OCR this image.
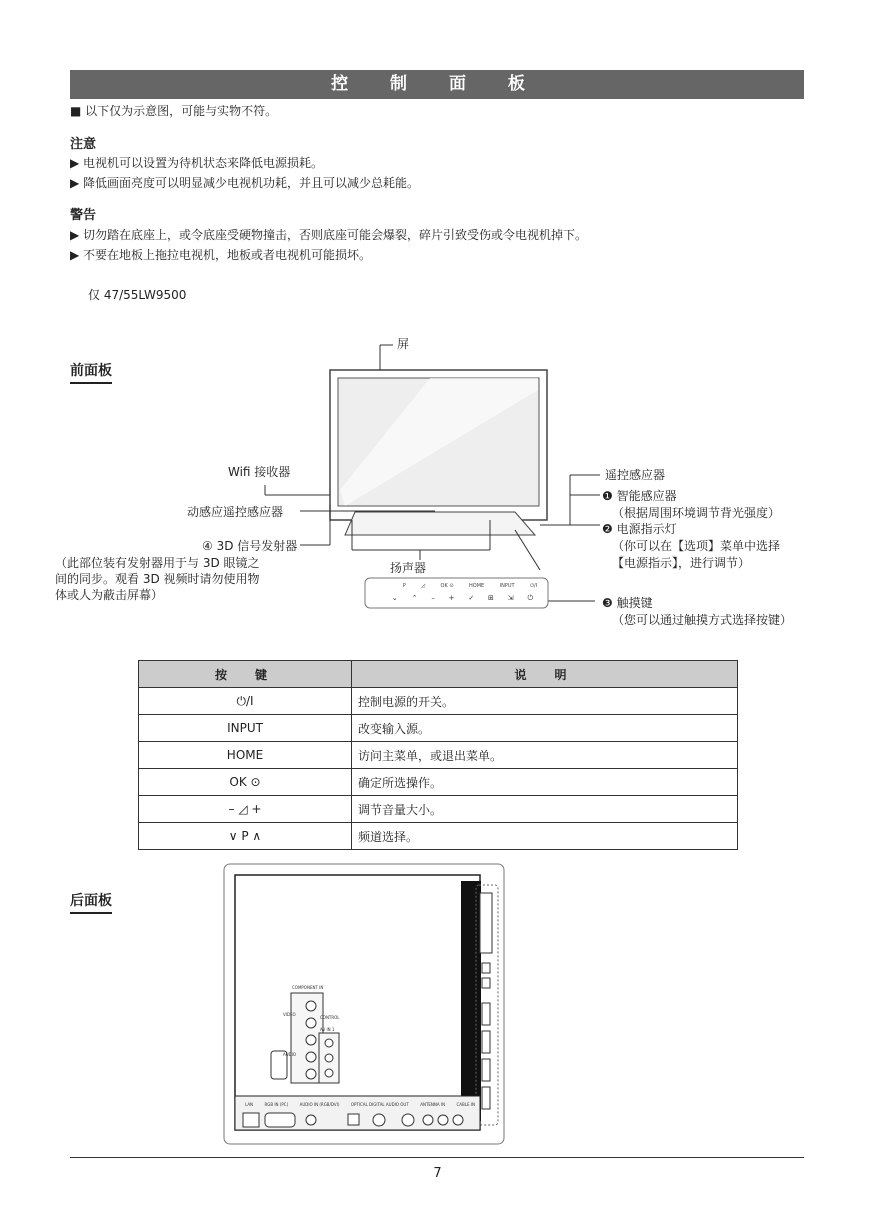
控 制 面 板
■ 以下仅为示意图，可能与实物不符。
注意
▶ 电视机可以设置为待机状态来降低电源损耗。
▶ 降低画面亮度可以明显减少电视机功耗，并且可以减少总耗能。
警告
▶ 切勿踏在底座上，或令底座受硬物撞击，否则底座可能会爆裂，碎片引致受伤或令电视机掉下。
▶ 不要在地板上拖拉电视机，地板或者电视机可能损坏。
仅 47/55LW9500
前面板
屏
Wifi 接收器
动感应遥控感应器
④ 3D 信号发射器
（此部位装有发射器用于与 3D 眼镜之
间的同步。观看 3D 视频时请勿使用物
体或人为蔽击屏幕）
扬声器
遥控感应器
❶ 智能感应器
（根据周围环境调节背光强度）
❷ 电源指示灯
（你可以在【选项】菜单中选择
【电源指示】，进行调节）
❸ 触摸键
（您可以通过触摸方式选择按键）
P	◿	OK ⊙	HOME	INPUT	⏻/I
⌄ ⌃ – + ✓ ⊞ ⇲ ⏻
按　键	说　明
⏻/I	控制电源的开关。
INPUT	改变输入源。
HOME	访问主菜单，或退出菜单。
OK ⊙	确定所选操作。
– ◿ +	调节音量大小。
∨ P ∧	频道选择。
后面板
LAN	RGB IN (PC)	AUDIO IN (RGB/DVI)	OPTICAL DIGITAL AUDIO OUT	ANTENNA IN	CABLE IN
COMPONENT IN
VIDEO
AUDIO
AV IN 1
CONTROL
7
